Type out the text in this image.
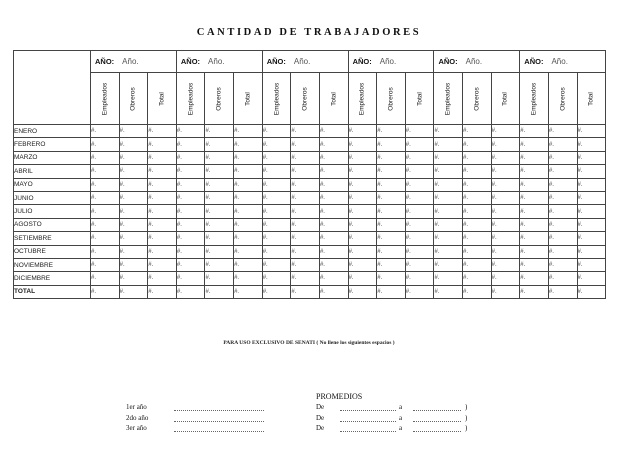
CANTIDAD DE TRABAJADORES
	AÑO: Año.			AÑO: Año.			AÑO: Año.			AÑO: Año.			AÑO: Año.			AÑO: Año.		

	Empleados	Obreros	Total	Empleados	Obreros	Total	Empleados	Obreros	Total	Empleados	Obreros	Total	Empleados	Obreros	Total	Empleados	Obreros	Total

ENERO	#.	#.	#.	#.	#.	#.	#.	#.	#.	#.	#.	#.	#.	#.	#.	#.	#.	#.
FEBRERO	#.	#.	#.	#.	#.	#.	#.	#.	#.	#.	#.	#.	#.	#.	#.	#.	#.	#.
MARZO	#.	#.	#.	#.	#.	#.	#.	#.	#.	#.	#.	#.	#.	#.	#.	#.	#.	#.
ABRIL	#.	#.	#.	#.	#.	#.	#.	#.	#.	#.	#.	#.	#.	#.	#.	#.	#.	#.
MAYO	#.	#.	#.	#.	#.	#.	#.	#.	#.	#.	#.	#.	#.	#.	#.	#.	#.	#.
JUNIO	#.	#.	#.	#.	#.	#.	#.	#.	#.	#.	#.	#.	#.	#.	#.	#.	#.	#.
JULIO	#.	#.	#.	#.	#.	#.	#.	#.	#.	#.	#.	#.	#.	#.	#.	#.	#.	#.
AGOSTO	#.	#.	#.	#.	#.	#.	#.	#.	#.	#.	#.	#.	#.	#.	#.	#.	#.	#.
SETIEMBRE	#.	#.	#.	#.	#.	#.	#.	#.	#.	#.	#.	#.	#.	#.	#.	#.	#.	#.
OCTUBRE	#.	#.	#.	#.	#.	#.	#.	#.	#.	#.	#.	#.	#.	#.	#.	#.	#.	#.
NOVIEMBRE	#.	#.	#.	#.	#.	#.	#.	#.	#.	#.	#.	#.	#.	#.	#.	#.	#.	#.
DICIEMBRE	#.	#.	#.	#.	#.	#.	#.	#.	#.	#.	#.	#.	#.	#.	#.	#.	#.	#.
TOTAL	#.	#.	#.	#.	#.	#.	#.	#.	#.	#.	#.	#.	#.	#.	#.	#.	#.	#.
PARA USO EXCLUSIVO DE SENATI ( No llene los siguientes espacios )
PROMEDIOS
1er año	De	a	)
2do año	De	a	)
3er año	De	a	)
